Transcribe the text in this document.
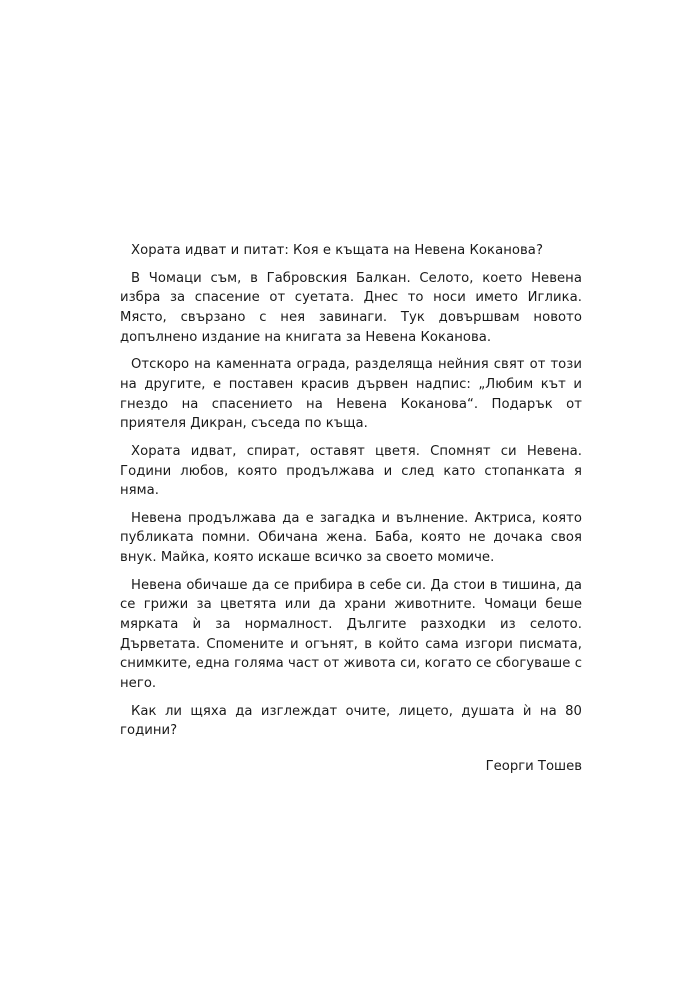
Хората идват и питат: Коя е къщата на Невена Коканова?

В Чомаци съм, в Габровския Балкан. Селото, което Невена избра за спасение от суетата. Днес то носи името Иглика. Място, свързано с нея завинаги. Тук довършвам новото допълнено издание на книгата за Невена Коканова.

Отскоро на каменната ограда, разделяща нейния свят от този на другите, е поставен красив дървен надпис: „Любим кът и гнездо на спасението на Невена Коканова“. Подарък от приятеля Дикран, съседа по къща.

Хората идват, спират, оставят цветя. Спомнят си Невена. Години любов, която продължава и след като стопанката я няма.

Невена продължава да е загадка и вълнение. Актриса, която публиката помни. Обичана жена. Баба, която не дочака своя внук. Майка, която искаше всичко за своето момиче.

Невена обичаше да се прибира в себе си. Да стои в тишина, да се грижи за цветята или да храни животните. Чомаци беше мярката ѝ за нормалност. Дългите разходки из селото. Дърветата. Спомените и огънят, в който сама изгори писмата, снимките, една голяма част от живота си, когато се сбогуваше с него.

Как ли щяха да изглеждат очите, лицето, душата ѝ на 80 години?

Георги Тошев
